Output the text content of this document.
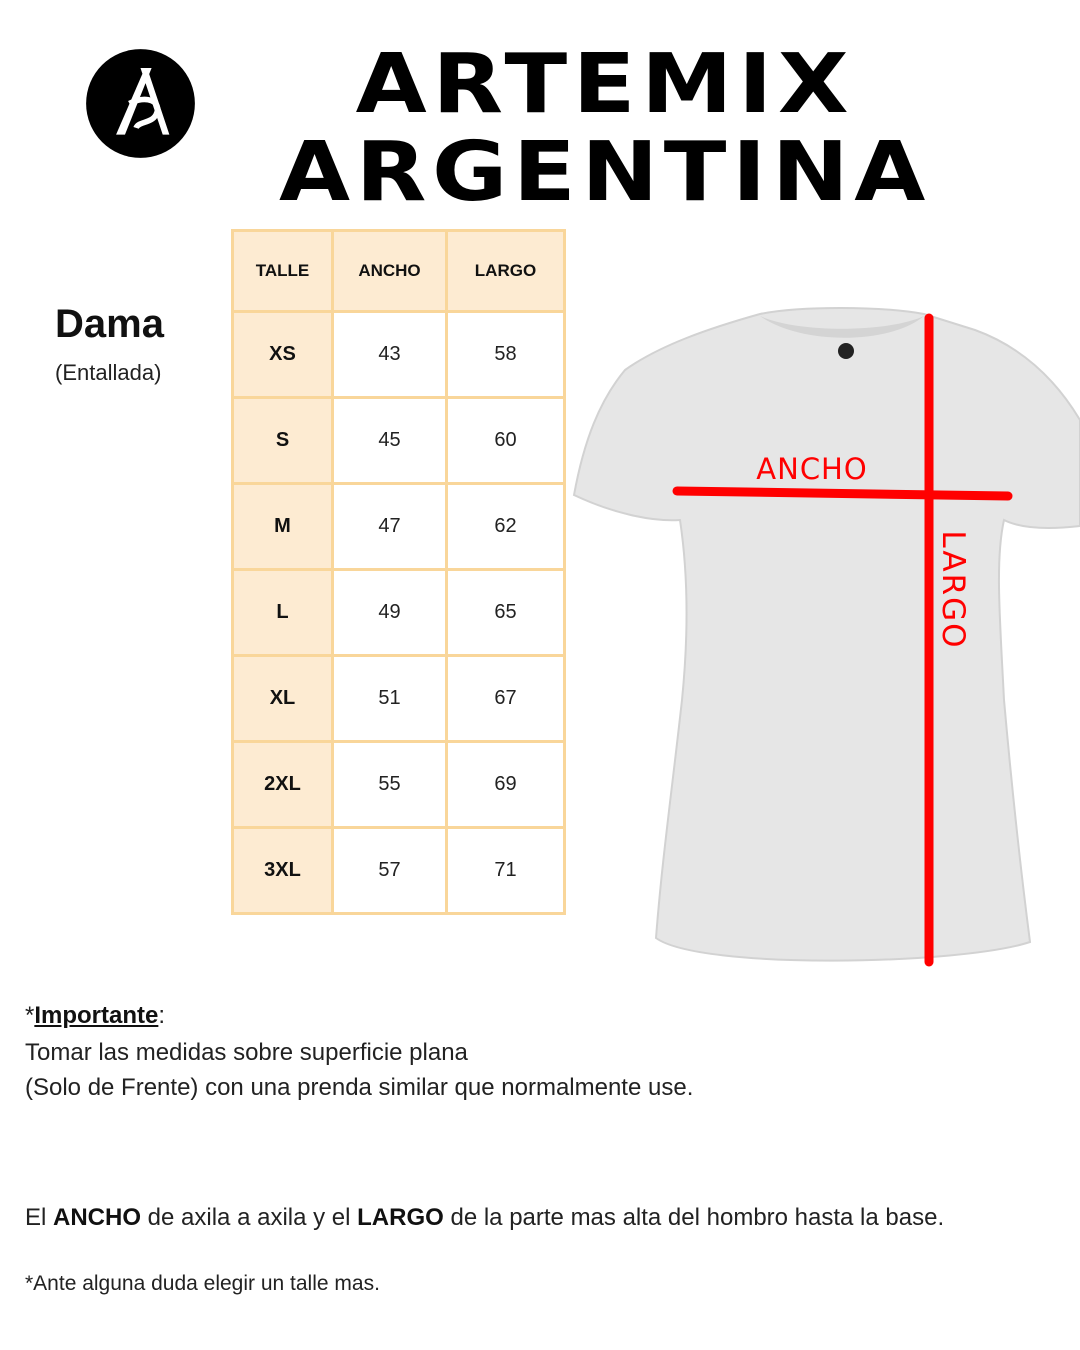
ARTEMIX
ARGENTINA
Dama
(Entallada)
TALLE	ANCHO	LARGO
XS	43	58
S	45	60
M	47	62
L	49	65
XL	51	67
2XL	55	69
3XL	57	71
ANCHO
LARGO
*Importante:
Tomar las medidas sobre superficie plana
(Solo de Frente) con una prenda similar que normalmente use.
El ANCHO de axila a axila y el LARGO de la parte mas alta del hombro hasta la base.
*Ante alguna duda elegir un talle mas.
